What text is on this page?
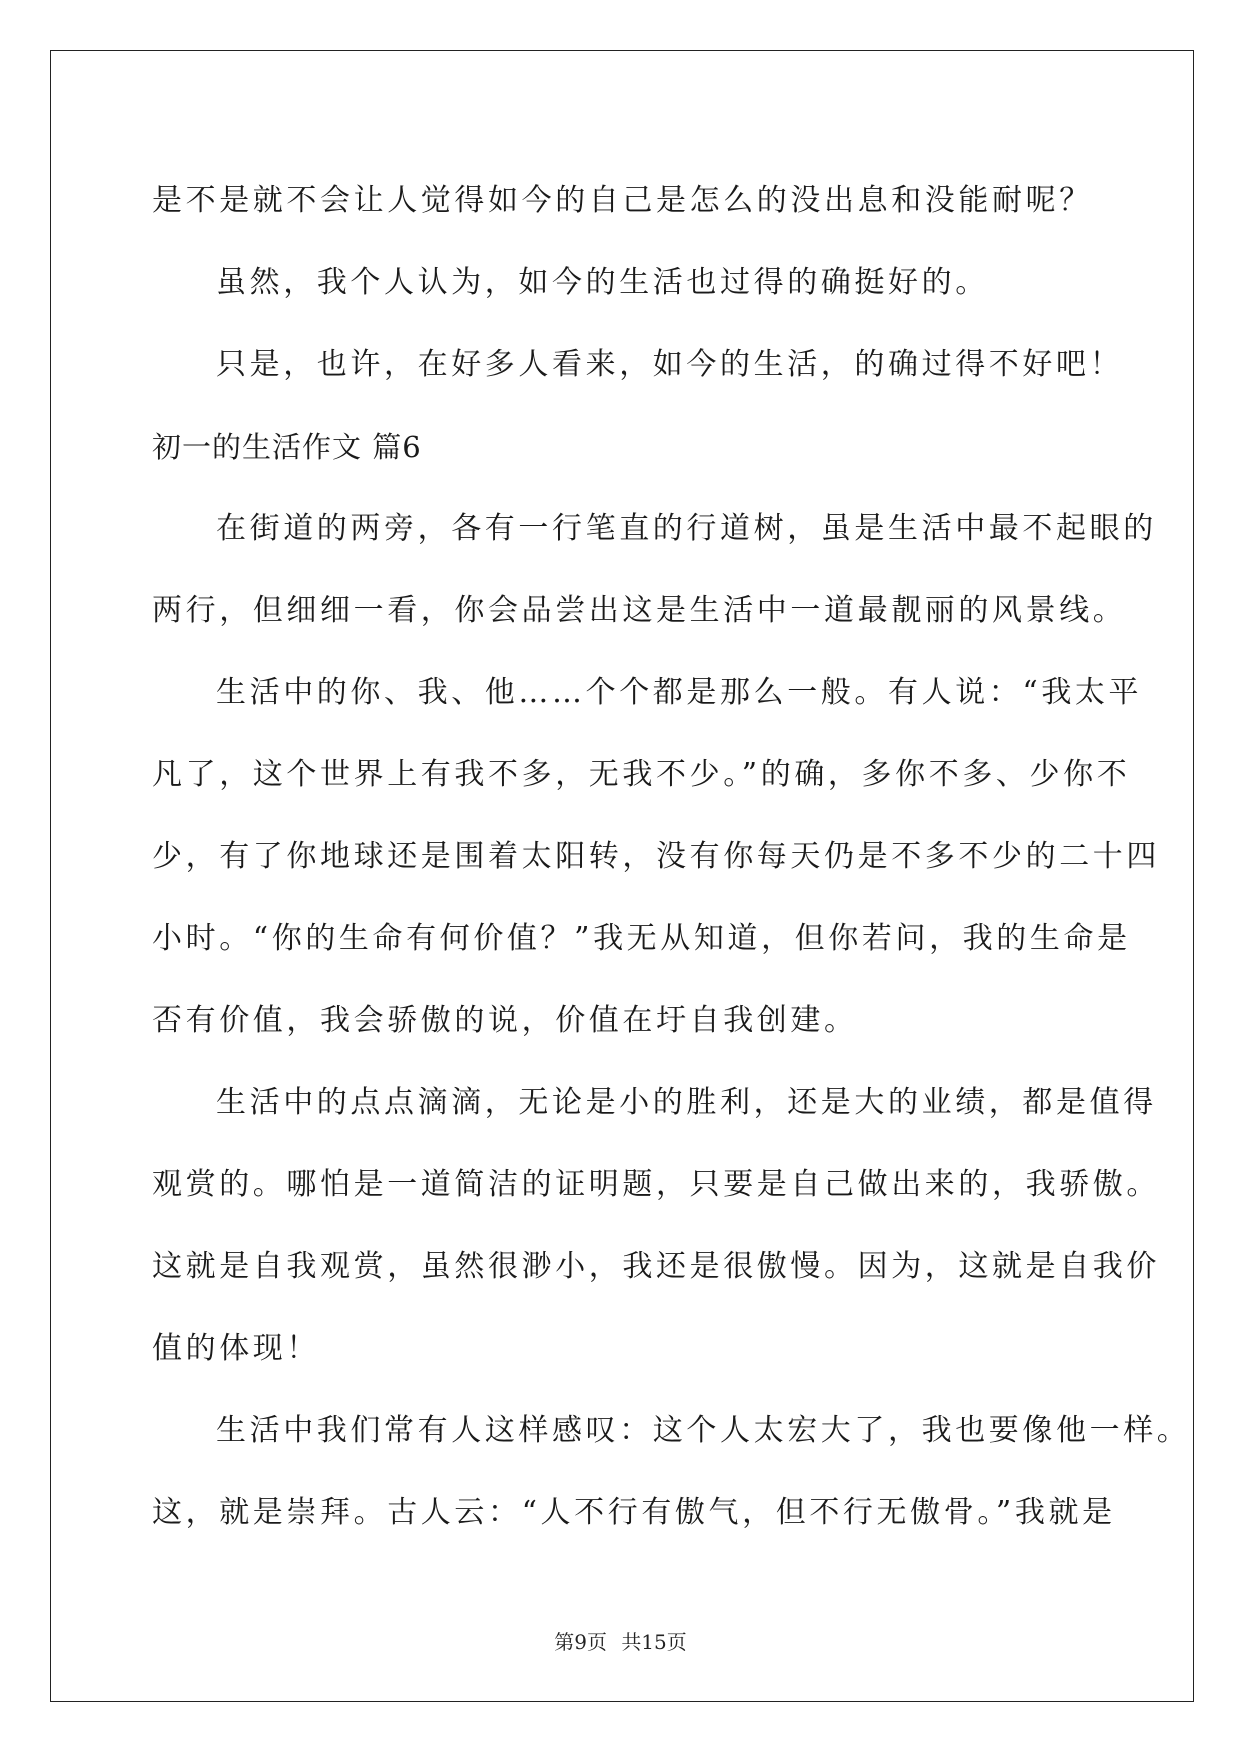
是不是就不会让人觉得如今的自己是怎么的没出息和没能耐呢？
虽然，我个人认为，如今的生活也过得的确挺好的。
只是，也许，在好多人看来，如今的生活，的确过得不好吧！
初一的生活作文 篇6
在街道的两旁，各有一行笔直的行道树，虽是生活中最不起眼的
两行，但细细一看，你会品尝出这是生活中一道最靓丽的风景线。
生活中的你、我、他……个个都是那么一般。有人说：“我太平
凡了，这个世界上有我不多，无我不少。”的确，多你不多、少你不
少，有了你地球还是围着太阳转，没有你每天仍是不多不少的二十四
小时。“你的生命有何价值？”我无从知道，但你若问，我的生命是
否有价值，我会骄傲的说，价值在圩自我创建。
生活中的点点滴滴，无论是小的胜利，还是大的业绩，都是值得
观赏的。哪怕是一道简洁的证明题，只要是自己做出来的，我骄傲。
这就是自我观赏，虽然很渺小，我还是很傲慢。因为，这就是自我价
值的体现！
生活中我们常有人这样感叹：这个人太宏大了，我也要像他一样。
这，就是崇拜。古人云：“人不行有傲气，但不行无傲骨。”我就是
第9页 共15页
